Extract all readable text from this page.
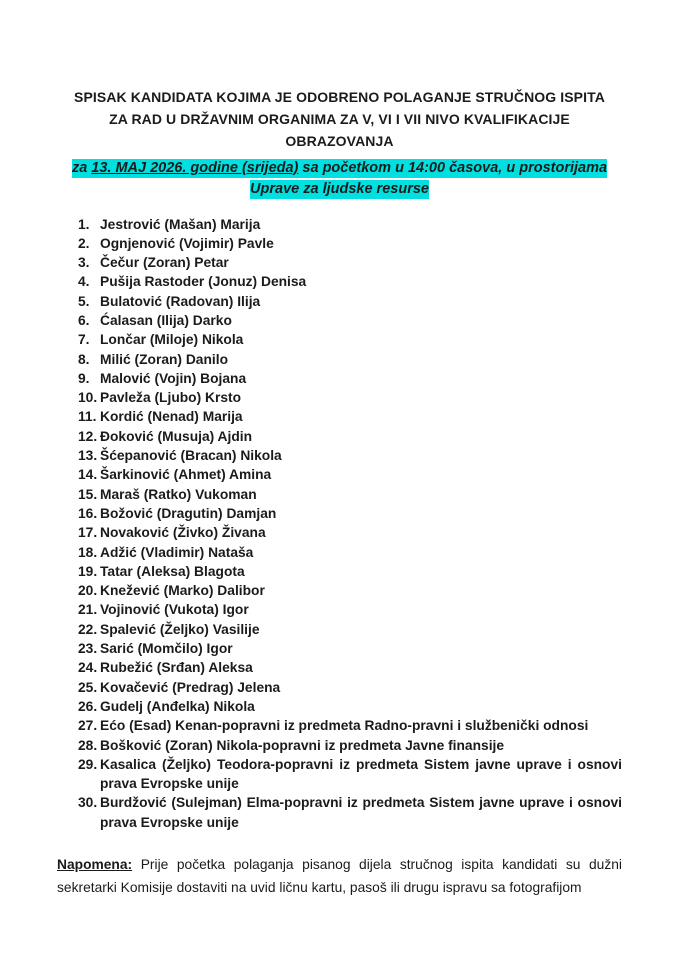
SPISAK KANDIDATA KOJIMA JE ODOBRENO POLAGANJE STRUČNOG ISPITA
ZA RAD U DRŽAVNIM ORGANIMA ZA V, VI I VII NIVO KVALIFIKACIJE
OBRAZOVANJA

za 13. MAJ 2026. godine (srijeda) sa početkom u 14:00 časova, u prostorijama Uprave za ljudske resurse

1. Jestrović (Mašan) Marija
2. Ognjenović (Vojimir) Pavle
3. Čečur (Zoran) Petar
4. Pušija Rastoder (Jonuz) Denisa
5. Bulatović (Radovan) Ilija
6. Ćalasan (Ilija) Darko
7. Lončar (Miloje) Nikola
8. Milić (Zoran) Danilo
9. Malović (Vojin) Bojana
10. Pavleža (Ljubo) Krsto
11. Kordić (Nenad) Marija
12. Đoković (Musuja) Ajdin
13. Šćepanović (Bracan) Nikola
14. Šarkinović (Ahmet) Amina
15. Maraš (Ratko) Vukoman
16. Božović (Dragutin) Damjan
17. Novaković (Živko) Živana
18. Adžić (Vladimir) Nataša
19. Tatar (Aleksa) Blagota
20. Knežević (Marko) Dalibor
21. Vojinović (Vukota) Igor
22. Spalević (Željko) Vasilije
23. Sarić (Momčilo) Igor
24. Rubežić (Srđan) Aleksa
25. Kovačević (Predrag) Jelena
26. Gudelj (Anđelka) Nikola
27. Ećo (Esad) Kenan-popravni iz predmeta Radno-pravni i službenički odnosi
28. Bošković (Zoran) Nikola-popravni iz predmeta Javne finansije
29. Kasalica (Željko) Teodora-popravni iz predmeta Sistem javne uprave i osnovi prava Evropske unije
30. Burdžović (Sulejman) Elma-popravni iz predmeta Sistem javne uprave i osnovi prava Evropske unije

Napomena: Prije početka polaganja pisanog dijela stručnog ispita kandidati su dužni sekretarki Komisije dostaviti na uvid ličnu kartu, pasoš ili drugu ispravu sa fotografijom
